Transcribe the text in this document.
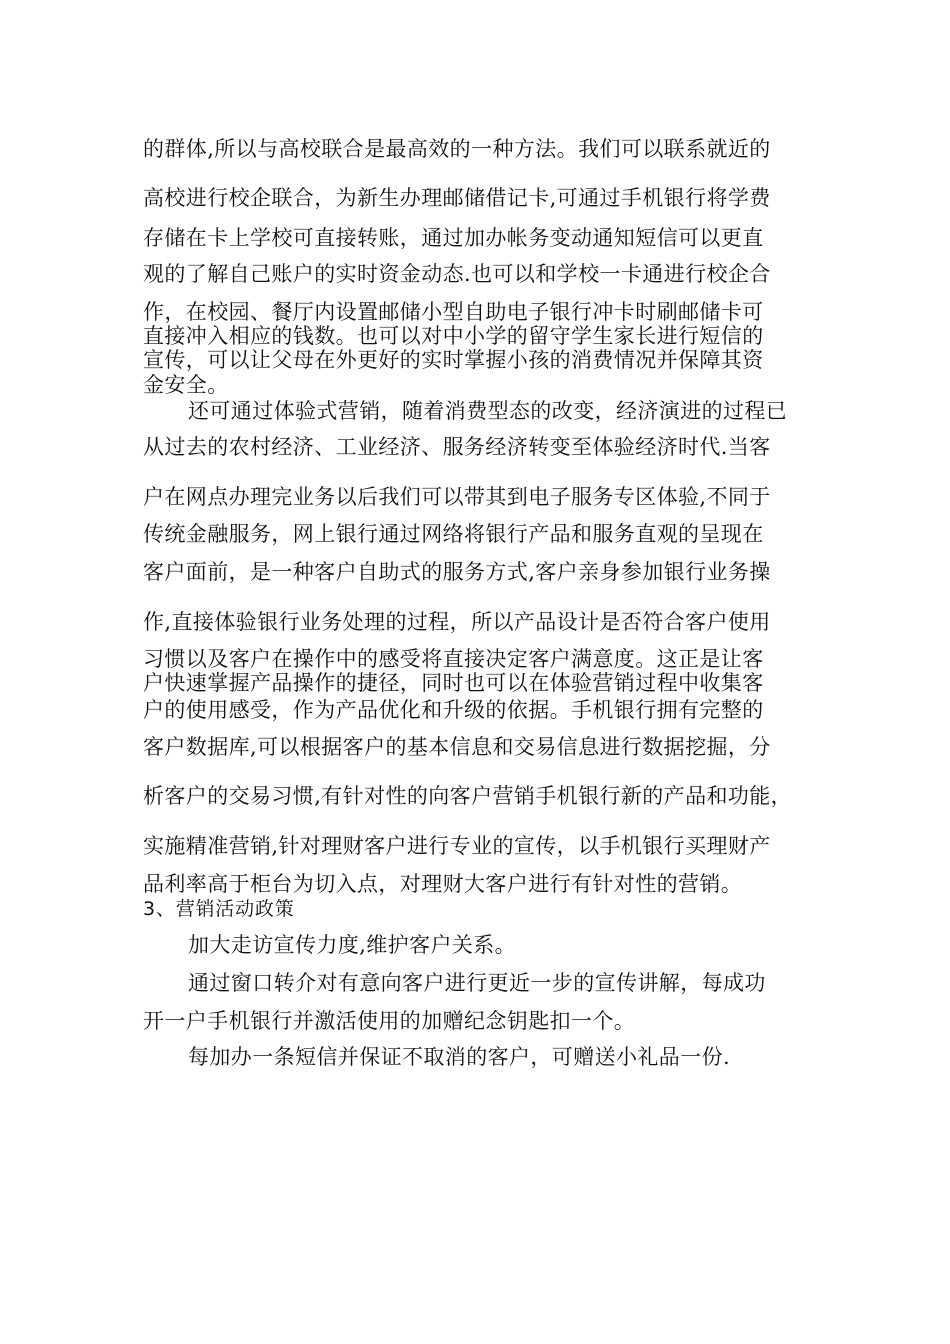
的群体,所以与高校联合是最高效的一种方法。我们可以联系就近的
高校进行校企联合，为新生办理邮储借记卡,可通过手机银行将学费
存储在卡上学校可直接转账，通过加办帐务变动通知短信可以更直
观的了解自己账户的实时资金动态.也可以和学校一卡通进行校企合
作，在校园、餐厅内设置邮储小型自助电子银行冲卡时刷邮储卡可
直接冲入相应的钱数。也可以对中小学的留守学生家长进行短信的
宣传，可以让父母在外更好的实时掌握小孩的消费情况并保障其资
金安全。
还可通过体验式营销，随着消费型态的改变，经济演进的过程已
从过去的农村经济、工业经济、服务经济转变至体验经济时代.当客
户在网点办理完业务以后我们可以带其到电子服务专区体验,不同于
传统金融服务，网上银行通过网络将银行产品和服务直观的呈现在
客户面前，是一种客户自助式的服务方式,客户亲身参加银行业务操
作,直接体验银行业务处理的过程，所以产品设计是否符合客户使用
习惯以及客户在操作中的感受将直接决定客户满意度。这正是让客
户快速掌握产品操作的捷径，同时也可以在体验营销过程中收集客
户的使用感受，作为产品优化和升级的依据。手机银行拥有完整的
客户数据库,可以根据客户的基本信息和交易信息进行数据挖掘，分
析客户的交易习惯,有针对性的向客户营销手机银行新的产品和功能，
实施精准营销,针对理财客户进行专业的宣传，以手机银行买理财产
品利率高于柜台为切入点，对理财大客户进行有针对性的营销。
3、营销活动政策
加大走访宣传力度,维护客户关系。
通过窗口转介对有意向客户进行更近一步的宣传讲解，每成功
开一户手机银行并激活使用的加赠纪念钥匙扣一个。
每加办一条短信并保证不取消的客户，可赠送小礼品一份.
